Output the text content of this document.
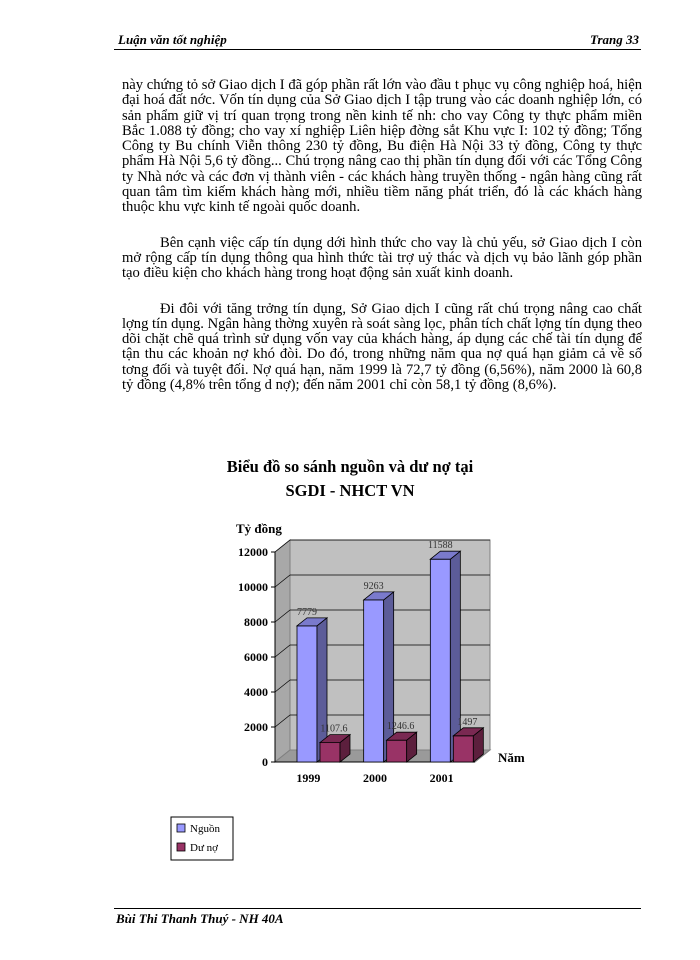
Luận văn tốt nghiệp	Trang 33

này chứng tỏ sở Giao dịch I đã góp phần rất lớn vào đầu t phục vụ công nghiệp hoá, hiện đại hoá đất nớc. Vốn tín dụng của Sở Giao dịch I tập trung vào các doanh nghiệp lớn, có sản phẩm giữ vị trí quan trọng trong nền kinh tế nh: cho vay Công ty thực phẩm miền Bắc 1.088 tỷ đồng; cho vay xí nghiệp Liên hiệp đờng sắt Khu vực I: 102 tỷ đồng; Tổng Công ty Bu chính Viễn thông 230 tỷ đồng, Bu điện Hà Nội 33 tỷ đồng, Công ty thực phẩm Hà Nội 5,6 tỷ đồng... Chú trọng nâng cao thị phần tín dụng đối với các Tổng Công ty Nhà nớc và các đơn vị thành viên - các khách hàng truyền thống - ngân hàng cũng rất quan tâm tìm kiếm khách hàng mới, nhiều tiềm năng phát triển, đó là các khách hàng thuộc khu vực kinh tế ngoài quốc doanh.

Bên cạnh việc cấp tín dụng dới hình thức cho vay là chủ yếu, sở Giao dịch I còn mở rộng cấp tín dụng thông qua hình thức tài trợ uỷ thác và dịch vụ bảo lãnh góp phần tạo điều kiện cho khách hàng trong hoạt động sản xuất kinh doanh.

Đi đôi với tăng trởng tín dụng, Sở Giao dịch I cũng rất chú trọng nâng cao chất lợng tín dụng. Ngân hàng thờng xuyên rà soát sàng lọc, phân tích chất lợng tín dụng theo dõi chặt chẽ quá trình sử dụng vốn vay của khách hàng, áp dụng các chế tài tín dụng để tận thu các khoản nợ khó đòi. Do đó, trong những năm qua nợ quá hạn giảm cả về số tơng đối và tuyệt đối. Nợ quá hạn, năm 1999 là 72,7 tỷ đồng (6,56%), năm 2000 là 60,8 tỷ đồng (4,8% trên tổng d nợ); đến năm 2001 chỉ còn 58,1 tỷ đồng (8,6%).

Biểu đồ so sánh nguồn và dư nợ tại
SGDI - NHCT VN
0
2000
4000
6000
8000
10000
12000
Tỷ đồng
Năm
7779
1107.6
1999
9263
1246.6
2000
11588
1497
2001
Nguồn
Dư nợ
Bùi Thi Thanh Thuý - NH 40A
